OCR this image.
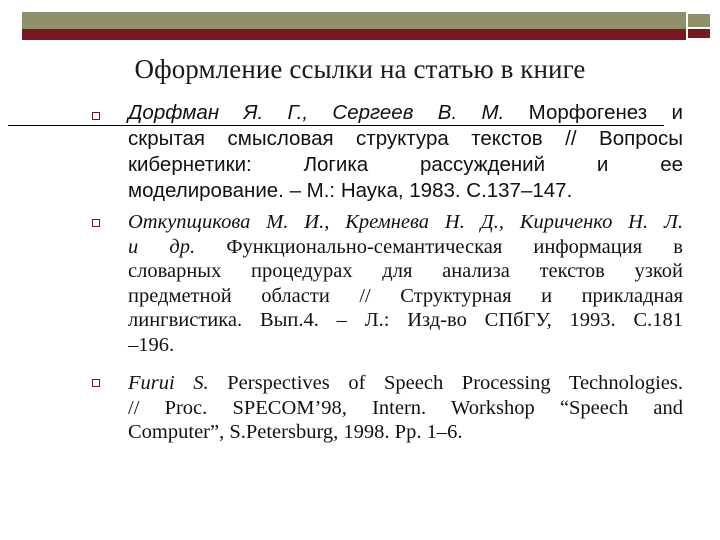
Оформление ссылки на статью в книге
Дорфман Я. Г., Сергеев В. М. Морфогенез и
скрытая смысловая структура текстов // Вопросы
кибернетики: Логика рассуждений и ее
моделирование. – М.: Наука, 1983. С.137–147.
Откупщикова М. И., Кремнева Н. Д., Кириченко Н. Л.
и др. Функционально-семантическая информация в
словарных процедурах для анализа текстов узкой
предметной области // Структурная и прикладная
лингвистика. Вып.4. – Л.: Изд-во СПбГУ, 1993. С.181
–196.
Furui S. Perspectives of Speech Processing Technologies.
// Proc. SPECOM’98, Intern. Workshop “Speech and
Computer”, S.Petersburg, 1998. Pp. 1–6.
